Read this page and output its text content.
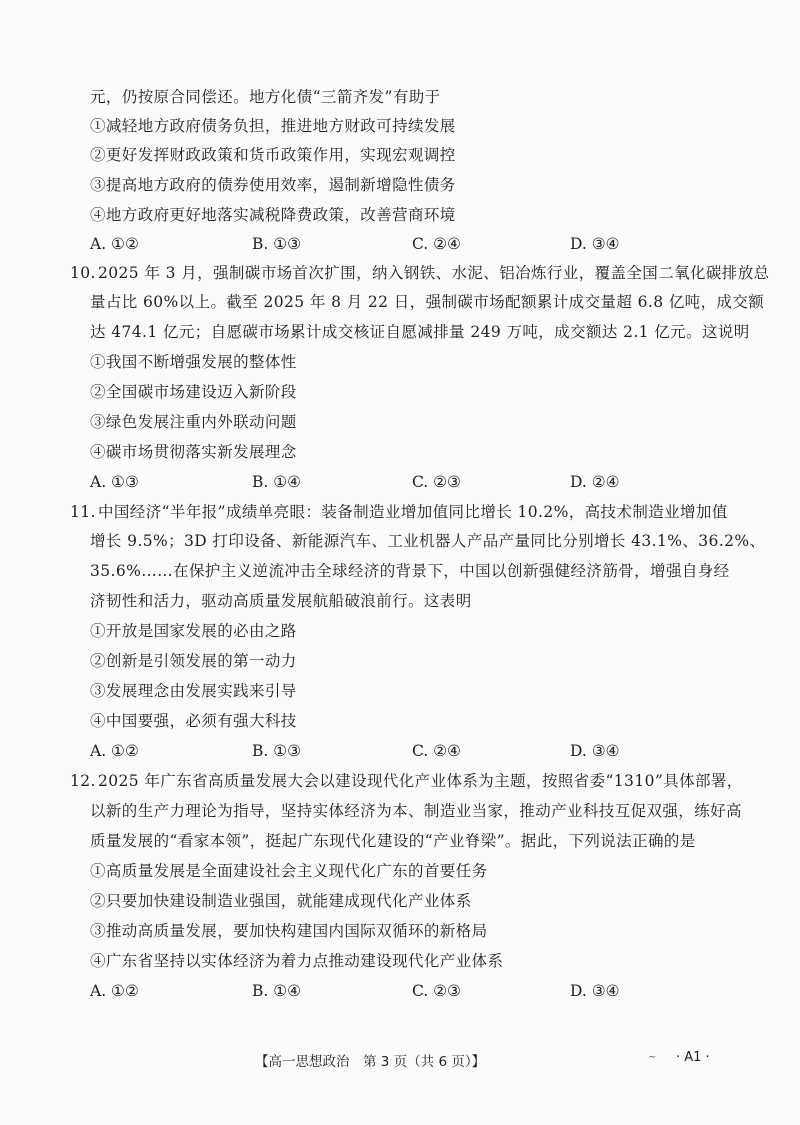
元，仍按原合同偿还。地方化债“三箭齐发”有助于
①减轻地方政府债务负担，推进地方财政可持续发展
②更好发挥财政政策和货币政策作用，实现宏观调控
③提高地方政府的债券使用效率，遏制新增隐性债务
④地方政府更好地落实减税降费政策，改善营商环境
A. ①②	B. ①③	C. ②④	D. ③④
10. 2025 年 3 月，强制碳市场首次扩围，纳入钢铁、水泥、铝冶炼行业，覆盖全国二氧化碳排放总
量占比 60%以上。截至 2025 年 8 月 22 日，强制碳市场配额累计成交量超 6.8 亿吨，成交额
达 474.1 亿元；自愿碳市场累计成交核证自愿减排量 249 万吨，成交额达 2.1 亿元。这说明
①我国不断增强发展的整体性
②全国碳市场建设迈入新阶段
③绿色发展注重内外联动问题
④碳市场贯彻落实新发展理念
A. ①③	B. ①④	C. ②③	D. ②④
11. 中国经济“半年报”成绩单亮眼：装备制造业增加值同比增长 10.2%，高技术制造业增加值
增长 9.5%；3D 打印设备、新能源汽车、工业机器人产品产量同比分别增长 43.1%、36.2%、
35.6%……在保护主义逆流冲击全球经济的背景下，中国以创新强健经济筋骨，增强自身经
济韧性和活力，驱动高质量发展航船破浪前行。这表明
①开放是国家发展的必由之路
②创新是引领发展的第一动力
③发展理念由发展实践来引导
④中国要强，必须有强大科技
A. ①②	B. ①③	C. ②④	D. ③④
12. 2025 年广东省高质量发展大会以建设现代化产业体系为主题，按照省委“1310”具体部署，
以新的生产力理论为指导，坚持实体经济为本、制造业当家，推动产业科技互促双强，练好高
质量发展的“看家本领”，挺起广东现代化建设的“产业脊梁”。据此，下列说法正确的是
①高质量发展是全面建设社会主义现代化广东的首要任务
②只要加快建设制造业强国，就能建成现代化产业体系
③推动高质量发展，要加快构建国内国际双循环的新格局
④广东省坚持以实体经济为着力点推动建设现代化产业体系
A. ①②	B. ①④	C. ②③	D. ③④
【高一思想政治　第 3 页（共 6 页）】	~ · A1 ·
